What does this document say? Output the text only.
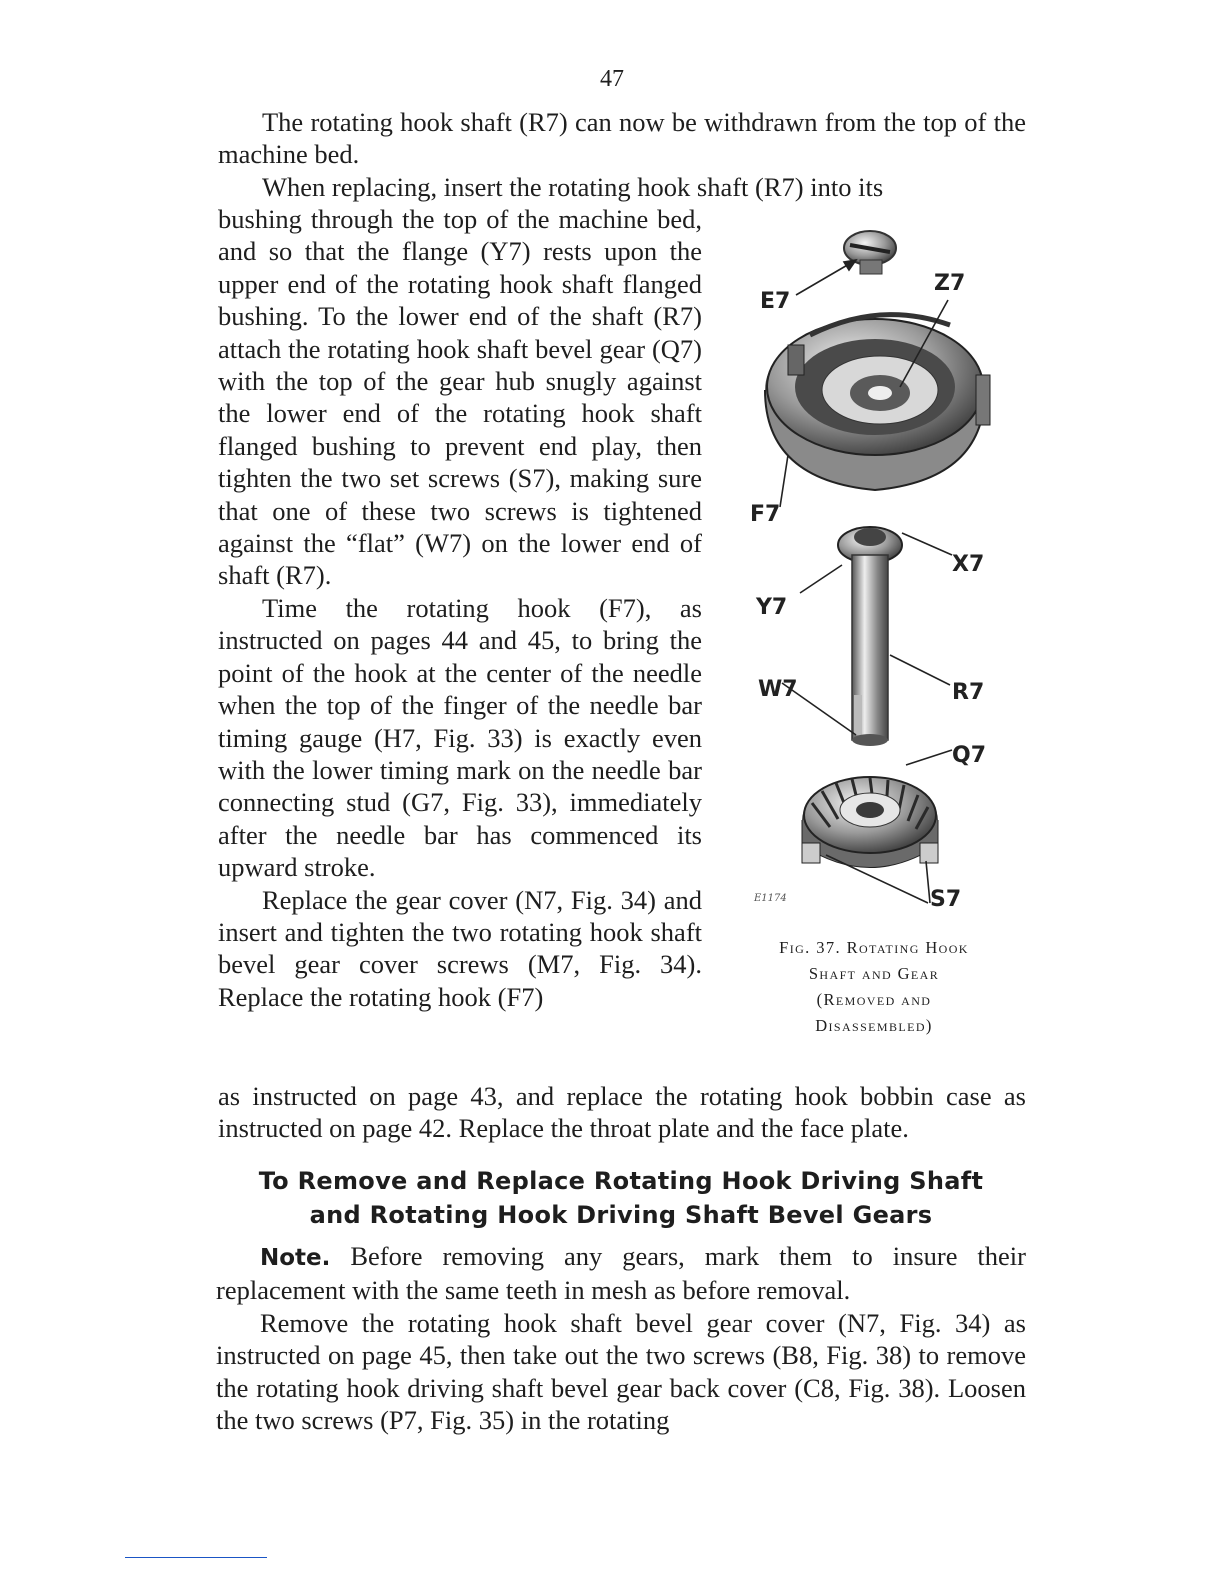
47

The rotating hook shaft (R7) can now be withdrawn from the top of the machine bed.

When replacing, insert the rotating hook shaft (R7) into its

bushing through the top of the machine bed, and so that the flange (Y7) rests upon the upper end of the rotating hook shaft flanged bushing. To the lower end of the shaft (R7) attach the rotating hook shaft bevel gear (Q7) with the top of the gear hub snugly against the lower end of the rotating hook shaft flanged bushing to prevent end play, then tighten the two set screws (S7), making sure that one of these two screws is tightened against the “flat” (W7) on the lower end of shaft (R7).

Time the rotating hook (F7), as instructed on pages 44 and 45, to bring the point of the hook at the center of the needle when the top of the finger of the needle bar timing gauge (H7, Fig. 33) is exactly even with the lower timing mark on the needle bar connecting stud (G7, Fig. 33), immediately after the needle bar has commenced its upward stroke.

Replace the gear cover (N7, Fig. 34) and insert and tighten the two rotating hook shaft bevel gear cover screws (M7, Fig. 34). Replace the rotating hook (F7)

as instructed on page 43, and replace the rotating hook bobbin case as instructed on page 42. Replace the throat plate and the face plate.

E7
Z7
F7
X7
Y7
W7	R7
Q7
S7
E1174
Fig. 37. Rotating Hook
Shaft and Gear
(Removed and
Disassembled)
To Remove and Replace Rotating Hook Driving Shaft
and Rotating Hook Driving Shaft Bevel Gears

Note. Before removing any gears, mark them to insure their replacement with the same teeth in mesh as before removal.

Remove the rotating hook shaft bevel gear cover (N7, Fig. 34) as instructed on page 45, then take out the two screws (B8, Fig. 38) to remove the rotating hook driving shaft bevel gear back cover (C8, Fig. 38). Loosen the two screws (P7, Fig. 35) in the rotating
